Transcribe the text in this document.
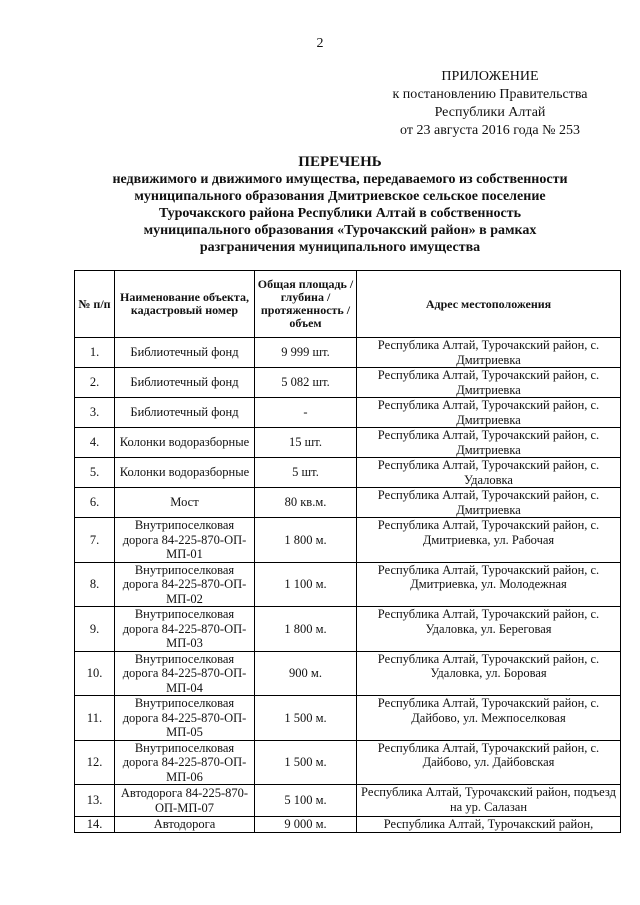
2
ПРИЛОЖЕНИЕ
к постановлению Правительства
Республики Алтай
от 23 августа 2016 года № 253
ПЕРЕЧЕНЬ
недвижимого и движимого имущества, передаваемого из собственности
муниципального образования Дмитриевское сельское поселение
Турочакского района Республики Алтай в собственность
муниципального образования «Турочакский район» в рамках
разграничения муниципального имущества
№ п/п	Наименование объекта, кадастровый номер	Общая площадь / глубина / протяженность / объем	Адрес местоположения
1.	Библиотечный фонд	9 999 шт.	Республика Алтай, Турочакский район, с. Дмитриевка
2.	Библиотечный фонд	5 082 шт.	Республика Алтай, Турочакский район, с. Дмитриевка
3.	Библиотечный фонд	-	Республика Алтай, Турочакский район, с. Дмитриевка
4.	Колонки водоразборные	15 шт.	Республика Алтай, Турочакский район, с. Дмитриевка
5.	Колонки водоразборные	5 шт.	Республика Алтай, Турочакский район, с. Удаловка
6.	Мост	80 кв.м.	Республика Алтай, Турочакский район, с. Дмитриевка
7.	Внутрипоселковая дорога 84-225-870-ОП-МП-01	1 800 м.	Республика Алтай, Турочакский район, с. Дмитриевка, ул. Рабочая
8.	Внутрипоселковая дорога 84-225-870-ОП-МП-02	1 100 м.	Республика Алтай, Турочакский район, с. Дмитриевка, ул. Молодежная
9.	Внутрипоселковая дорога 84-225-870-ОП-МП-03	1 800 м.	Республика Алтай, Турочакский район, с. Удаловка, ул. Береговая
10.	Внутрипоселковая дорога 84-225-870-ОП-МП-04	900 м.	Республика Алтай, Турочакский район, с. Удаловка, ул. Боровая
11.	Внутрипоселковая дорога 84-225-870-ОП-МП-05	1 500 м.	Республика Алтай, Турочакский район, с. Дайбово, ул. Межпоселковая
12.	Внутрипоселковая дорога 84-225-870-ОП-МП-06	1 500 м.	Республика Алтай, Турочакский район, с. Дайбово, ул. Дайбовская
13.	Автодорога 84-225-870-ОП-МП-07	5 100 м.	Республика Алтай, Турочакский район, подъезд на ур. Салазан
14.	Автодорога	9 000 м.	Республика Алтай, Турочакский район,
